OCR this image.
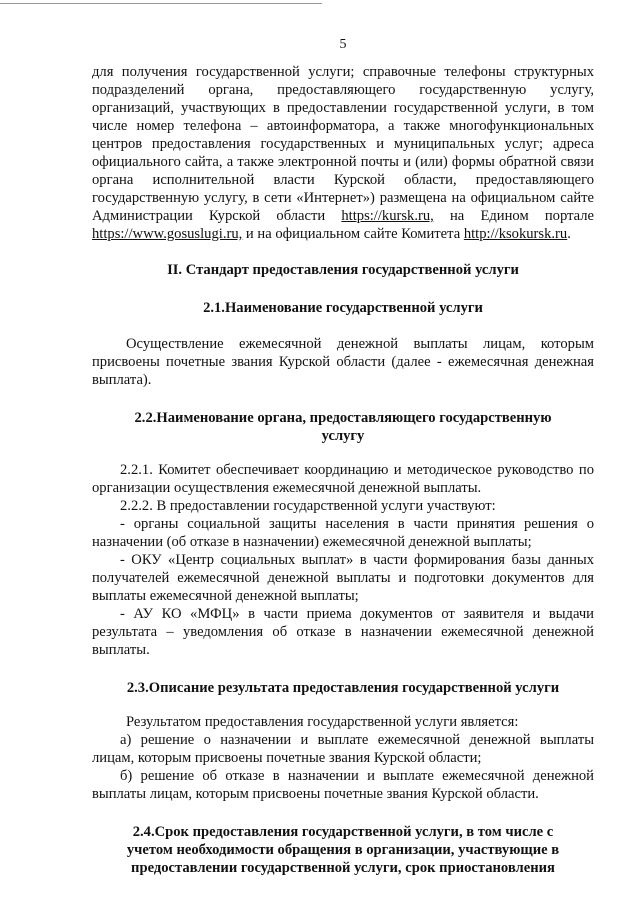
5

для получения государственной услуги; справочные телефоны структурных подразделений органа, предоставляющего государственную услугу, организаций, участвующих в предоставлении государственной услуги, в том числе номер телефона – автоинформатора, а также многофункциональных центров предоставления государственных и муниципальных услуг; адреса официального сайта, а также электронной почты и (или) формы обратной связи органа исполнительной власти Курской области, предоставляющего государственную услугу, в сети «Интернет») размещена на официальном сайте Администрации Курской области https://kursk.ru, на Едином портале https://www.gosuslugi.ru, и на официальном сайте Комитета http://ksokursk.ru.

II. Стандарт предоставления государственной услуги
2.1.Наименование государственной услуги

Осуществление ежемесячной денежной выплаты лицам, которым присвоены почетные звания Курской области (далее - ежемесячная денежная выплата).

2.2.Наименование органа, предоставляющего государственную
услугу

2.2.1. Комитет обеспечивает координацию и методическое руководство по организации осуществления ежемесячной денежной выплаты.

2.2.2. В предоставлении государственной услуги участвуют:

- органы социальной защиты населения в части принятия решения о назначении (об отказе в назначении) ежемесячной денежной выплаты;

- ОКУ «Центр социальных выплат» в части формирования базы данных получателей ежемесячной денежной выплаты и подготовки документов для выплаты ежемесячной денежной выплаты;

- АУ КО «МФЦ» в части приема документов от заявителя и выдачи результата – уведомления об отказе в назначении ежемесячной денежной выплаты.

2.3.Описание результата предоставления государственной услуги

Результатом предоставления государственной услуги является:

а) решение о назначении и выплате ежемесячной денежной выплаты лицам, которым присвоены почетные звания Курской области;

б) решение об отказе в назначении и выплате ежемесячной денежной выплаты лицам, которым присвоены почетные звания Курской области.

2.4.Срок предоставления государственной услуги, в том числе с
учетом необходимости обращения в организации, участвующие в
предоставлении государственной услуги, срок приостановления
